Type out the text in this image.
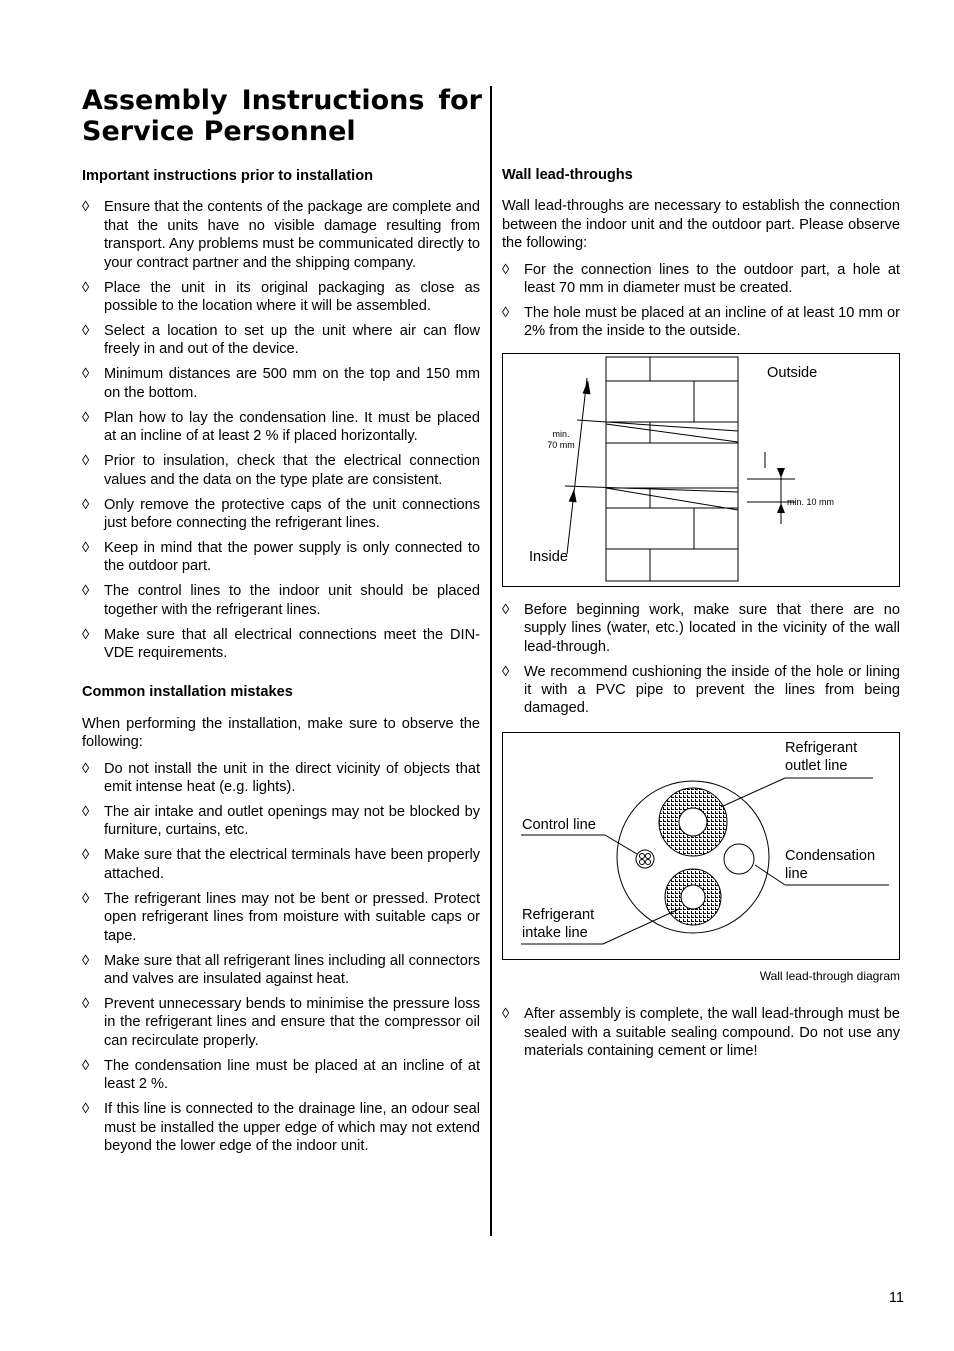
Assembly Instructions for Service Personnel
Important instructions prior to installation
◊ Ensure that the contents of the package are complete and that the units have no visible damage resulting from transport. Any problems must be communicated directly to your contract partner and the shipping company.
◊ Place the unit in its original packaging as close as possible to the location where it will be assembled.
◊ Select a location to set up the unit where air can flow freely in and out of the device.
◊ Minimum distances are 500 mm on the top and 150 mm on the bottom.
◊ Plan how to lay the condensation line. It must be placed at an incline of at least 2 % if placed horizontally.
◊ Prior to insulation, check that the electrical connection values and the data on the type plate are consistent.
◊ Only remove the protective caps of the unit connections just before connecting the refrigerant lines.
◊ Keep in mind that the power supply is only connected to the outdoor part.
◊ The control lines to the indoor unit should be placed together with the refrigerant lines.
◊ Make sure that all electrical connections meet the DIN-VDE requirements.
Common installation mistakes
When performing the installation, make sure to observe the following:
◊ Do not install the unit in the direct vicinity of objects that emit intense heat (e.g. lights).
◊ The air intake and outlet openings may not be blocked by furniture, curtains, etc.
◊ Make sure that the electrical terminals have been properly attached.
◊ The refrigerant lines may not be bent or pressed. Protect open refrigerant lines from moisture with suitable caps or tape.
◊ Make sure that all refrigerant lines including all connectors and valves are insulated against heat.
◊ Prevent unnecessary bends to minimise the pressure loss in the refrigerant lines and ensure that the compressor oil can recirculate properly.
◊ The condensation line must be placed at an incline of at least 2 %.
◊ If this line is connected to the drainage line, an odour seal must be installed the upper edge of which may not extend beyond the lower edge of the indoor unit.
Wall lead-throughs
Wall lead-throughs are necessary to establish the connection between the indoor unit and the outdoor part. Please observe the following:
◊ For the connection lines to the outdoor part, a hole at least 70 mm in diameter must be created.
◊ The hole must be placed at an incline of at least 10 mm or 2% from the inside to the outside.
Outside
Inside
min.
70 mm
min. 10 mm
◊ Before beginning work, make sure that there are no supply lines (water, etc.) located in the vicinity of the wall lead-through.
◊ We recommend cushioning the inside of the hole or lining it with a PVC pipe to prevent the lines from being damaged.
Refrigerant
outlet line
Control line
Condensation
line
Refrigerant
intake line
Wall lead-through diagram
◊ After assembly is complete, the wall lead-through must be sealed with a suitable sealing compound. Do not use any materials containing cement or lime!
11
